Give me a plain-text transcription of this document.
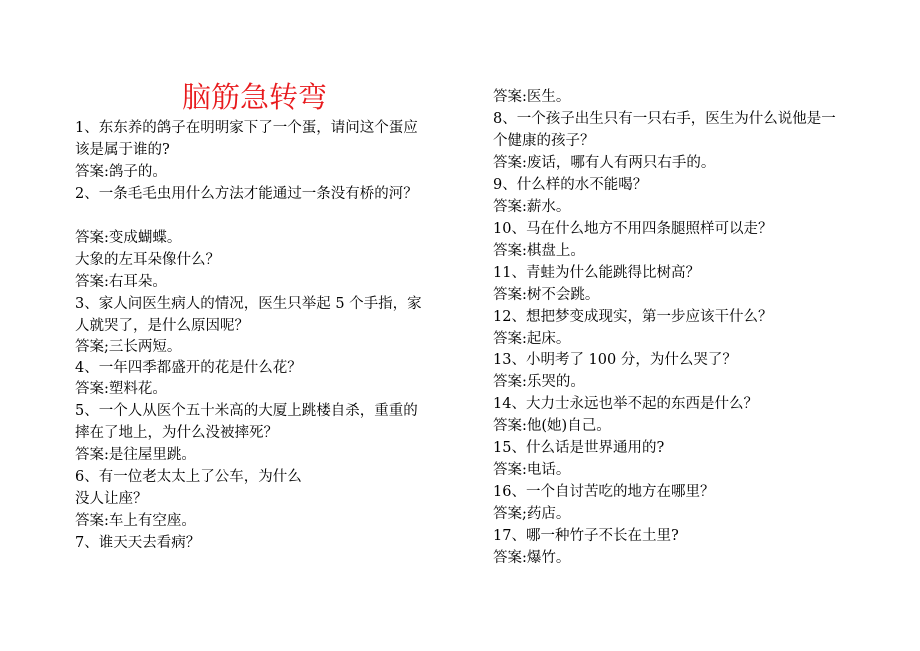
脑筋急转弯
1、东东养的鸽子在明明家下了一个蛋，请问这个蛋应
该是属于谁的?
答案:鸽子的。
2、一条毛毛虫用什么方法才能通过一条没有桥的河？
答案:变成蝴蝶。
大象的左耳朵像什么？
答案:右耳朵。
3、家人问医生病人的情况，医生只举起 5 个手指，家
人就哭了，是什么原因呢？
答案;三长两短。
4、一年四季都盛开的花是什么花？
答案:塑料花。
5、一个人从医个五十米高的大厦上跳楼自杀，重重的
摔在了地上，为什么没被摔死？
答案:是往屋里跳。
6、有一位老太太上了公车，为什么
没人让座？
答案:车上有空座。
7、谁天天去看病？
答案:医生。
8、一个孩子出生只有一只右手，医生为什么说他是一
个健康的孩子？
答案:废话，哪有人有两只右手的。
9、什么样的水不能喝？
答案:薪水。
10、马在什么地方不用四条腿照样可以走？
答案:棋盘上。
11、青蛙为什么能跳得比树高？
答案:树不会跳。
12、想把梦变成现实，第一步应该干什么？
答案:起床。
13、小明考了 100 分，为什么哭了？
答案:乐哭的。
14、大力士永远也举不起的东西是什么？
答案:他(她)自己。
15、什么话是世界通用的?
答案:电话。
16、一个自讨苦吃的地方在哪里？
答案;药店。
17、哪一种竹子不长在土里?
答案:爆竹。
